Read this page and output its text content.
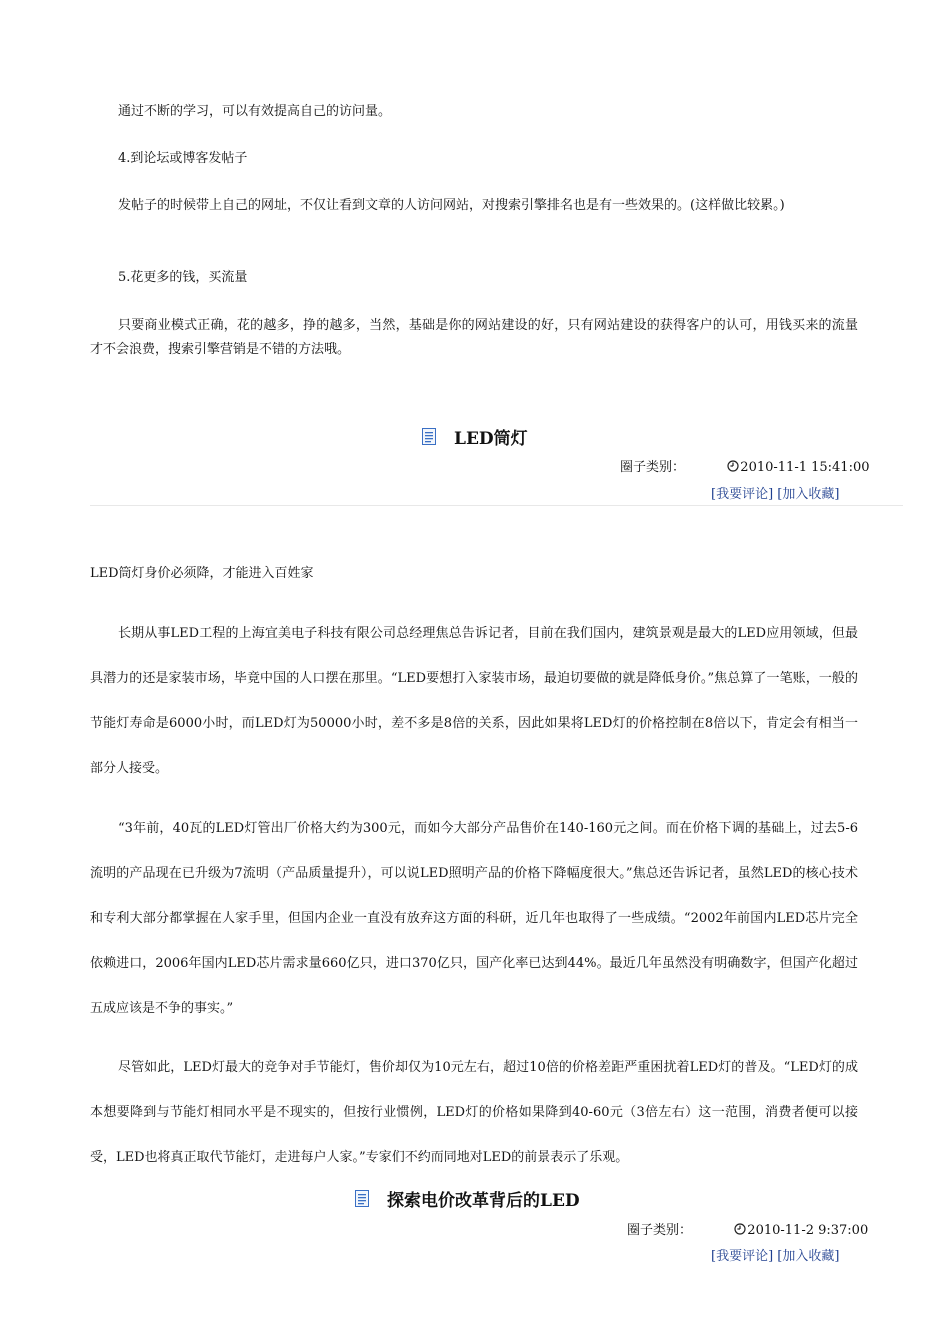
通过不断的学习，可以有效提高自己的访问量。
4.到论坛或博客发帖子
发帖子的时候带上自己的网址，不仅让看到文章的人访问网站，对搜索引擎排名也是有一些效果的。(这样做比较累。)
5.花更多的钱，买流量
只要商业模式正确，花的越多，挣的越多，当然，基础是你的网站建设的好，只有网站建设的获得客户的认可，用钱买来的流量才不会浪费，搜索引擎营销是不错的方法哦。
LED筒灯
圈子类别：	2010-11-1 15:41:00
[我要评论] [加入收藏]
LED筒灯身价必须降，才能进入百姓家
长期从事LED工程的上海宜美电子科技有限公司总经理焦总告诉记者，目前在我们国内，建筑景观是最大的LED应用领域，但最具潜力的还是家装市场，毕竟中国的人口摆在那里。“LED要想打入家装市场，最迫切要做的就是降低身价。”焦总算了一笔账，一般的节能灯寿命是6000小时，而LED灯为50000小时，差不多是8倍的关系，因此如果将LED灯的价格控制在8倍以下，肯定会有相当一部分人接受。
“3年前，40瓦的LED灯管出厂价格大约为300元，而如今大部分产品售价在140-160元之间。而在价格下调的基础上，过去5-6流明的产品现在已升级为7流明（产品质量提升），可以说LED照明产品的价格下降幅度很大。”焦总还告诉记者，虽然LED的核心技术和专利大部分都掌握在人家手里，但国内企业一直没有放弃这方面的科研，近几年也取得了一些成绩。“2002年前国内LED芯片完全依赖进口，2006年国内LED芯片需求量660亿只，进口370亿只，国产化率已达到44%。最近几年虽然没有明确数字，但国产化超过五成应该是不争的事实。”
尽管如此，LED灯最大的竞争对手节能灯，售价却仅为10元左右，超过10倍的价格差距严重困扰着LED灯的普及。“LED灯的成本想要降到与节能灯相同水平是不现实的，但按行业惯例，LED灯的价格如果降到40-60元（3倍左右）这一范围，消费者便可以接受，LED也将真正取代节能灯，走进每户人家。”专家们不约而同地对LED的前景表示了乐观。
探索电价改革背后的LED
圈子类别：	2010-11-2 9:37:00
[我要评论] [加入收藏]
